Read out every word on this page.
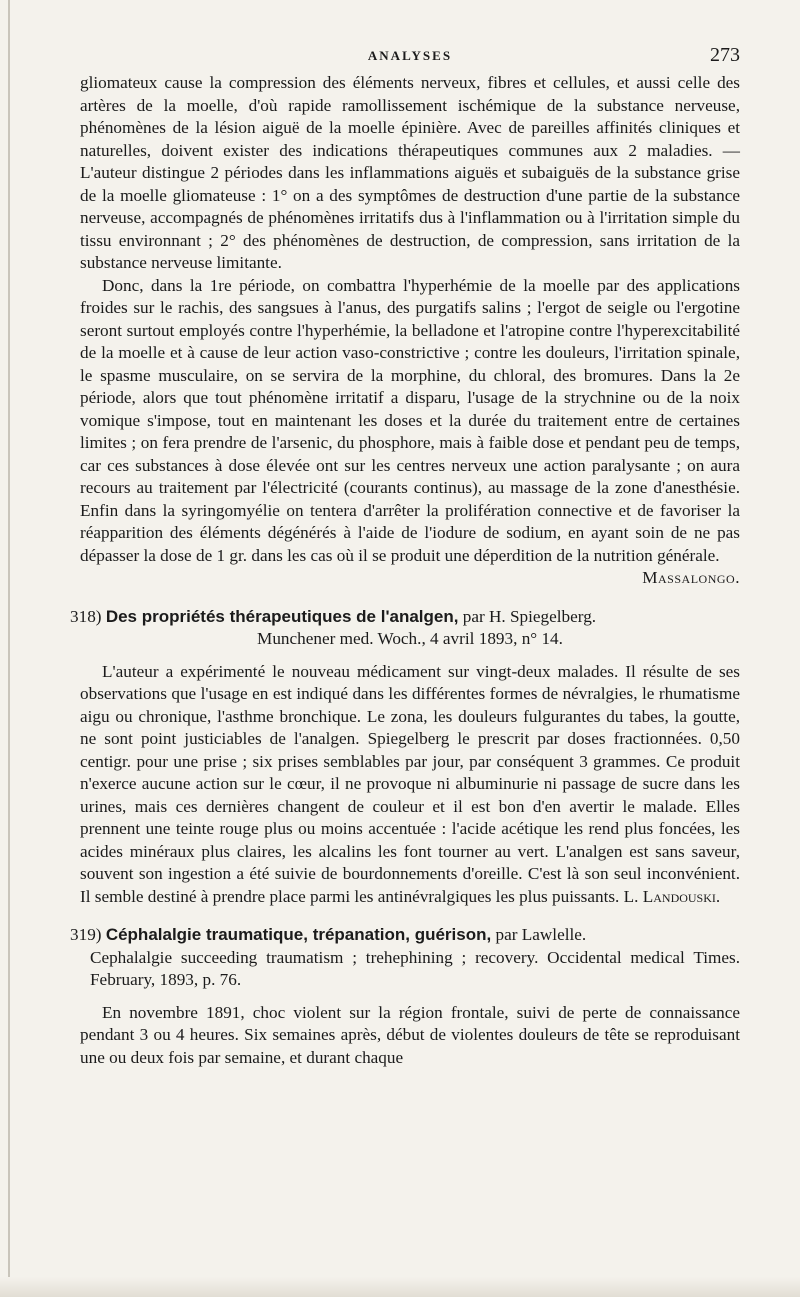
ANALYSES	273

gliomateux cause la compression des éléments nerveux, fibres et cellules, et aussi celle des artères de la moelle, d'où rapide ramollissement ischémique de la substance nerveuse, phénomènes de la lésion aiguë de la moelle épinière. Avec de pareilles affinités cliniques et naturelles, doivent exister des indications thérapeutiques communes aux 2 maladies. — L'auteur distingue 2 périodes dans les inflammations aiguës et subaiguës de la substance grise de la moelle gliomateuse : 1° on a des symptômes de destruction d'une partie de la substance nerveuse, accompagnés de phénomènes irritatifs dus à l'inflammation ou à l'irritation simple du tissu environnant ; 2° des phénomènes de destruction, de compression, sans irritation de la substance nerveuse limitante.

Donc, dans la 1re période, on combattra l'hyperhémie de la moelle par des applications froides sur le rachis, des sangsues à l'anus, des purgatifs salins ; l'ergot de seigle ou l'ergotine seront surtout employés contre l'hyperhémie, la belladone et l'atropine contre l'hyperexcitabilité de la moelle et à cause de leur action vaso-constrictive ; contre les douleurs, l'irritation spinale, le spasme musculaire, on se servira de la morphine, du chloral, des bromures. Dans la 2e période, alors que tout phénomène irritatif a disparu, l'usage de la strychnine ou de la noix vomique s'impose, tout en maintenant les doses et la durée du traitement entre de certaines limites ; on fera prendre de l'arsenic, du phosphore, mais à faible dose et pendant peu de temps, car ces substances à dose élevée ont sur les centres nerveux une action paralysante ; on aura recours au traitement par l'électricité (courants continus), au massage de la zone d'anesthésie. Enfin dans la syringomyélie on tentera d'arrêter la prolifération connective et de favoriser la réapparition des éléments dégénérés à l'aide de l'iodure de sodium, en ayant soin de ne pas dépasser la dose de 1 gr. dans les cas où il se produit une déperdition de la nutrition générale.

Massalongo.

318) Des propriétés thérapeutiques de l'analgen, par H. Spiegelberg.
Munchener med. Woch., 4 avril 1893, n° 14.

L'auteur a expérimenté le nouveau médicament sur vingt-deux malades. Il résulte de ses observations que l'usage en est indiqué dans les différentes formes de névralgies, le rhumatisme aigu ou chronique, l'asthme bronchique. Le zona, les douleurs fulgurantes du tabes, la goutte, ne sont point justiciables de l'analgen. Spiegelberg le prescrit par doses fractionnées. 0,50 centigr. pour une prise ; six prises semblables par jour, par conséquent 3 grammes. Ce produit n'exerce aucune action sur le cœur, il ne provoque ni albuminurie ni passage de sucre dans les urines, mais ces dernières changent de couleur et il est bon d'en avertir le malade. Elles prennent une teinte rouge plus ou moins accentuée : l'acide acétique les rend plus foncées, les acides minéraux plus claires, les alcalins les font tourner au vert. L'analgen est sans saveur, souvent son ingestion a été suivie de bourdonnements d'oreille. C'est là son seul inconvénient. Il semble destiné à prendre place parmi les antinévralgiques les plus puissants. L. Landouski.

319) Céphalalgie traumatique, trépanation, guérison, par Lawlelle.
Cephalalgie succeeding traumatism ; trehephining ; recovery. Occidental medical Times. February, 1893, p. 76.

En novembre 1891, choc violent sur la région frontale, suivi de perte de connaissance pendant 3 ou 4 heures. Six semaines après, début de violentes douleurs de tête se reproduisant une ou deux fois par semaine, et durant chaque
